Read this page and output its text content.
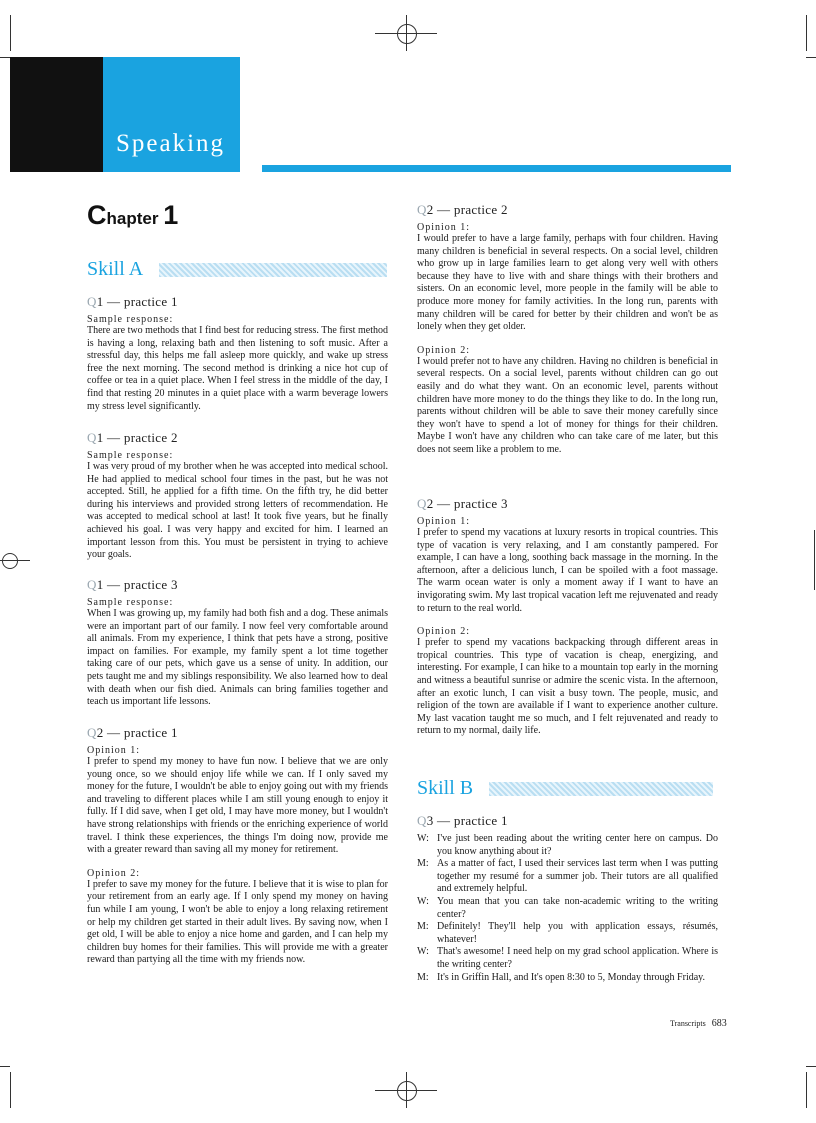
Speaking
Chapter 1
Skill A
Q1 — practice 1
Sample response:
There are two methods that I find best for reducing stress. The first method is having a long, relaxing bath and then listening to soft music. After a stressful day, this helps me fall asleep more quickly, and wake up stress free the next morning. The second method is drinking a nice hot cup of coffee or tea in a quiet place. When I feel stress in the middle of the day, I find that resting 20 minutes in a quiet place with a warm beverage lowers my stress level significantly.
Q1 — practice 2
Sample response:
I was very proud of my brother when he was accepted into medical school. He had applied to medical school four times in the past, but he was not accepted. Still, he applied for a fifth time. On the fifth try, he did better during his interviews and provided strong letters of recommendation. He was accepted to medical school at last! It took five years, but he finally achieved his goal. I was very happy and excited for him. I learned an important lesson from this. You must be persistent in trying to achieve your goals.
Q1 — practice 3
Sample response:
When I was growing up, my family had both fish and a dog. These animals were an important part of our family. I now feel very comfortable around all animals. From my experience, I think that pets have a strong, positive impact on families. For example, my family spent a lot time together taking care of our pets, which gave us a sense of unity. In addition, our pets taught me and my siblings responsibility. We also learned how to deal with death when our fish died. Animals can bring families together and teach us important life lessons.
Q2 — practice 1
Opinion 1:
I prefer to spend my money to have fun now. I believe that we are only young once, so we should enjoy life while we can. If I only saved my money for the future, I wouldn't be able to enjoy going out with my friends and traveling to different places while I am still young enough to enjoy it fully. If I did save, when I get old, I may have more money, but I wouldn't have strong relationships with friends or the enriching experience of world travel. I think these experiences, the things I'm doing now, provide me with a greater reward than saving all my money for retirement.
Opinion 2:
I prefer to save my money for the future. I believe that it is wise to plan for your retirement from an early age. If I only spend my money on having fun while I am young, I won't be able to enjoy a long relaxing retirement or help my children get started in their adult lives. By saving now, when I get old, I will be able to enjoy a nice home and garden, and I can help my children buy homes for their families. This will provide me with a greater reward than partying all the time with my friends now.
Q2 — practice 2
Opinion 1:
I would prefer to have a large family, perhaps with four children. Having many children is beneficial in several respects. On a social level, children who grow up in large families learn to get along very well with others because they have to live with and share things with their brothers and sisters. On an economic level, more people in the family will be able to produce more money for family activities. In the long run, parents with many children will be cared for better by their children and won't be as lonely when they get older.
Opinion 2:
I would prefer not to have any children. Having no children is beneficial in several respects. On a social level, parents without children can go out easily and do what they want. On an economic level, parents without children have more money to do the things they like to do. In the long run, parents without children will be able to save their money carefully since they won't have to spend a lot of money for things for their children. Maybe I won't have any children who can take care of me later, but this does not seem like a problem to me.
Q2 — practice 3
Opinion 1:
I prefer to spend my vacations at luxury resorts in tropical countries. This type of vacation is very relaxing, and I am constantly pampered. For example, I can have a long, soothing back massage in the morning. In the afternoon, after a delicious lunch, I can be spoiled with a foot massage. The warm ocean water is only a moment away if I want to have an invigorating swim. My last tropical vacation left me rejuvenated and ready to return to the real world.
Opinion 2:
I prefer to spend my vacations backpacking through different areas in tropical countries. This type of vacation is cheap, energizing, and interesting. For example, I can hike to a mountain top early in the morning and witness a beautiful sunrise or admire the scenic vista. In the afternoon, after an exotic lunch, I can visit a busy town. The people, music, and religion of the town are available if I want to experience another culture. My last vacation taught me so much, and I felt rejuvenated and ready to return to my normal, daily life.
Skill B
Q3 — practice 1
W: I've just been reading about the writing center here on campus. Do you know anything about it?
M: As a matter of fact, I used their services last term when I was putting together my resumé for a summer job. Their tutors are all qualified and extremely helpful.
W: You mean that you can take non-academic writing to the writing center?
M: Definitely! They'll help you with application essays, résumés, whatever!
W: That's awesome! I need help on my grad school application. Where is the writing center?
M: It's in Griffin Hall, and It's open 8:30 to 5, Monday through Friday.
Transcripts 683
